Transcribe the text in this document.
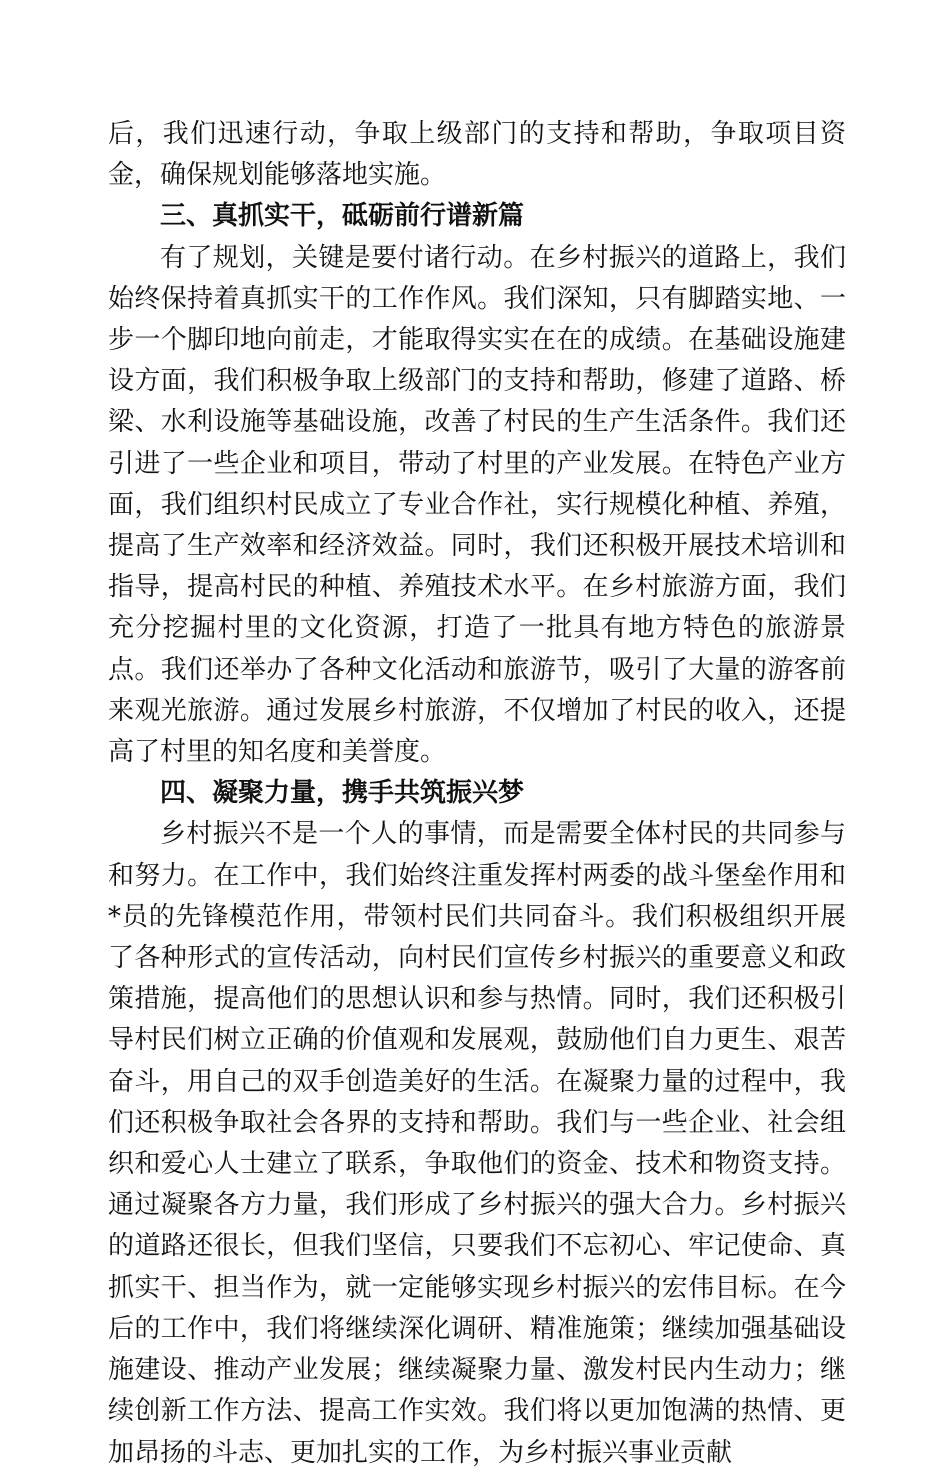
后，我们迅速行动，争取上级部门的支持和帮助，争取项目资金，确保规划能够落地实施。

三、真抓实干，砥砺前行谱新篇

有了规划，关键是要付诸行动。在乡村振兴的道路上，我们始终保持着真抓实干的工作作风。我们深知，只有脚踏实地、一步一个脚印地向前走，才能取得实实在在的成绩。在基础设施建设方面，我们积极争取上级部门的支持和帮助，修建了道路、桥梁、水利设施等基础设施，改善了村民的生产生活条件。我们还引进了一些企业和项目，带动了村里的产业发展。在特色产业方面，我们组织村民成立了专业合作社，实行规模化种植、养殖，提高了生产效率和经济效益。同时，我们还积极开展技术培训和指导，提高村民的种植、养殖技术水平。在乡村旅游方面，我们充分挖掘村里的文化资源，打造了一批具有地方特色的旅游景点。我们还举办了各种文化活动和旅游节，吸引了大量的游客前来观光旅游。通过发展乡村旅游，不仅增加了村民的收入，还提高了村里的知名度和美誉度。

四、凝聚力量，携手共筑振兴梦

乡村振兴不是一个人的事情，而是需要全体村民的共同参与和努力。在工作中，我们始终注重发挥村两委的战斗堡垒作用和*员的先锋模范作用，带领村民们共同奋斗。我们积极组织开展了各种形式的宣传活动，向村民们宣传乡村振兴的重要意义和政策措施，提高他们的思想认识和参与热情。同时，我们还积极引导村民们树立正确的价值观和发展观，鼓励他们自力更生、艰苦奋斗，用自己的双手创造美好的生活。在凝聚力量的过程中，我们还积极争取社会各界的支持和帮助。我们与一些企业、社会组织和爱心人士建立了联系，争取他们的资金、技术和物资支持。通过凝聚各方力量，我们形成了乡村振兴的强大合力。乡村振兴的道路还很长，但我们坚信，只要我们不忘初心、牢记使命、真抓实干、担当作为，就一定能够实现乡村振兴的宏伟目标。在今后的工作中，我们将继续深化调研、精准施策；继续加强基础设施建设、推动产业发展；继续凝聚力量、激发村民内生动力；继续创新工作方法、提高工作实效。我们将以更加饱满的热情、更加昂扬的斗志、更加扎实的工作，为乡村振兴事业贡献
